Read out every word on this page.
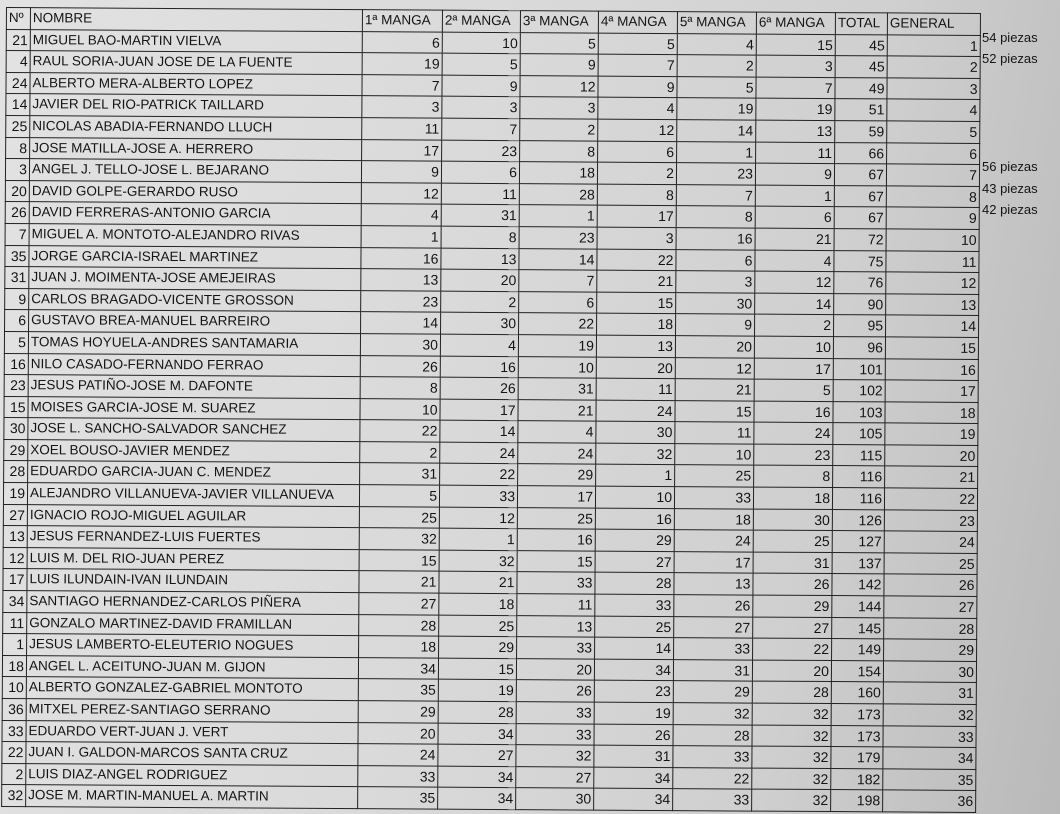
Nº	NOMBRE	1ª MANGA	2ª MANGA	3ª MANGA	4ª MANGA	5ª MANGA	6ª MANGA	TOTAL	GENERAL
21	MIGUEL BAO-MARTIN VIELVA	6	10	5	5	4	15	45	1
4	RAUL SORIA-JUAN JOSE DE LA FUENTE	19	5	9	7	2	3	45	2
24	ALBERTO MERA-ALBERTO LOPEZ	7	9	12	9	5	7	49	3
14	JAVIER DEL RIO-PATRICK TAILLARD	3	3	3	4	19	19	51	4
25	NICOLAS ABADIA-FERNANDO LLUCH	11	7	2	12	14	13	59	5
8	JOSE MATILLA-JOSE A. HERRERO	17	23	8	6	1	11	66	6
3	ANGEL J. TELLO-JOSE L. BEJARANO	9	6	18	2	23	9	67	7
20	DAVID GOLPE-GERARDO RUSO	12	11	28	8	7	1	67	8
26	DAVID FERRERAS-ANTONIO GARCIA	4	31	1	17	8	6	67	9
7	MIGUEL A. MONTOTO-ALEJANDRO RIVAS	1	8	23	3	16	21	72	10
35	JORGE GARCIA-ISRAEL MARTINEZ	16	13	14	22	6	4	75	11
31	JUAN J. MOIMENTA-JOSE AMEJEIRAS	13	20	7	21	3	12	76	12
9	CARLOS BRAGADO-VICENTE GROSSON	23	2	6	15	30	14	90	13
6	GUSTAVO BREA-MANUEL BARREIRO	14	30	22	18	9	2	95	14
5	TOMAS HOYUELA-ANDRES SANTAMARIA	30	4	19	13	20	10	96	15
16	NILO CASADO-FERNANDO FERRAO	26	16	10	20	12	17	101	16
23	JESUS PATIÑO-JOSE M. DAFONTE	8	26	31	11	21	5	102	17
15	MOISES GARCIA-JOSE M. SUAREZ	10	17	21	24	15	16	103	18
30	JOSE L. SANCHO-SALVADOR SANCHEZ	22	14	4	30	11	24	105	19
29	XOEL BOUSO-JAVIER MENDEZ	2	24	24	32	10	23	115	20
28	EDUARDO GARCIA-JUAN C. MENDEZ	31	22	29	1	25	8	116	21
19	ALEJANDRO VILLANUEVA-JAVIER VILLANUEVA	5	33	17	10	33	18	116	22
27	IGNACIO ROJO-MIGUEL AGUILAR	25	12	25	16	18	30	126	23
13	JESUS FERNANDEZ-LUIS FUERTES	32	1	16	29	24	25	127	24
12	LUIS M. DEL RIO-JUAN PEREZ	15	32	15	27	17	31	137	25
17	LUIS ILUNDAIN-IVAN ILUNDAIN	21	21	33	28	13	26	142	26
34	SANTIAGO HERNANDEZ-CARLOS PIÑERA	27	18	11	33	26	29	144	27
11	GONZALO MARTINEZ-DAVID FRAMILLAN	28	25	13	25	27	27	145	28
1	JESUS LAMBERTO-ELEUTERIO NOGUES	18	29	33	14	33	22	149	29
18	ANGEL L. ACEITUNO-JUAN M. GIJON	34	15	20	34	31	20	154	30
10	ALBERTO GONZALEZ-GABRIEL MONTOTO	35	19	26	23	29	28	160	31
36	MITXEL PEREZ-SANTIAGO SERRANO	29	28	33	19	32	32	173	32
33	EDUARDO VERT-JUAN J. VERT	20	34	33	26	28	32	173	33
22	JUAN I. GALDON-MARCOS SANTA CRUZ	24	27	32	31	33	32	179	34
2	LUIS DIAZ-ANGEL RODRIGUEZ	33	34	27	34	22	32	182	35
32	JOSE M. MARTIN-MANUEL A. MARTIN	35	34	30	34	33	32	198	36
54 piezas
52 piezas
56 piezas
43 piezas
42 piezas
